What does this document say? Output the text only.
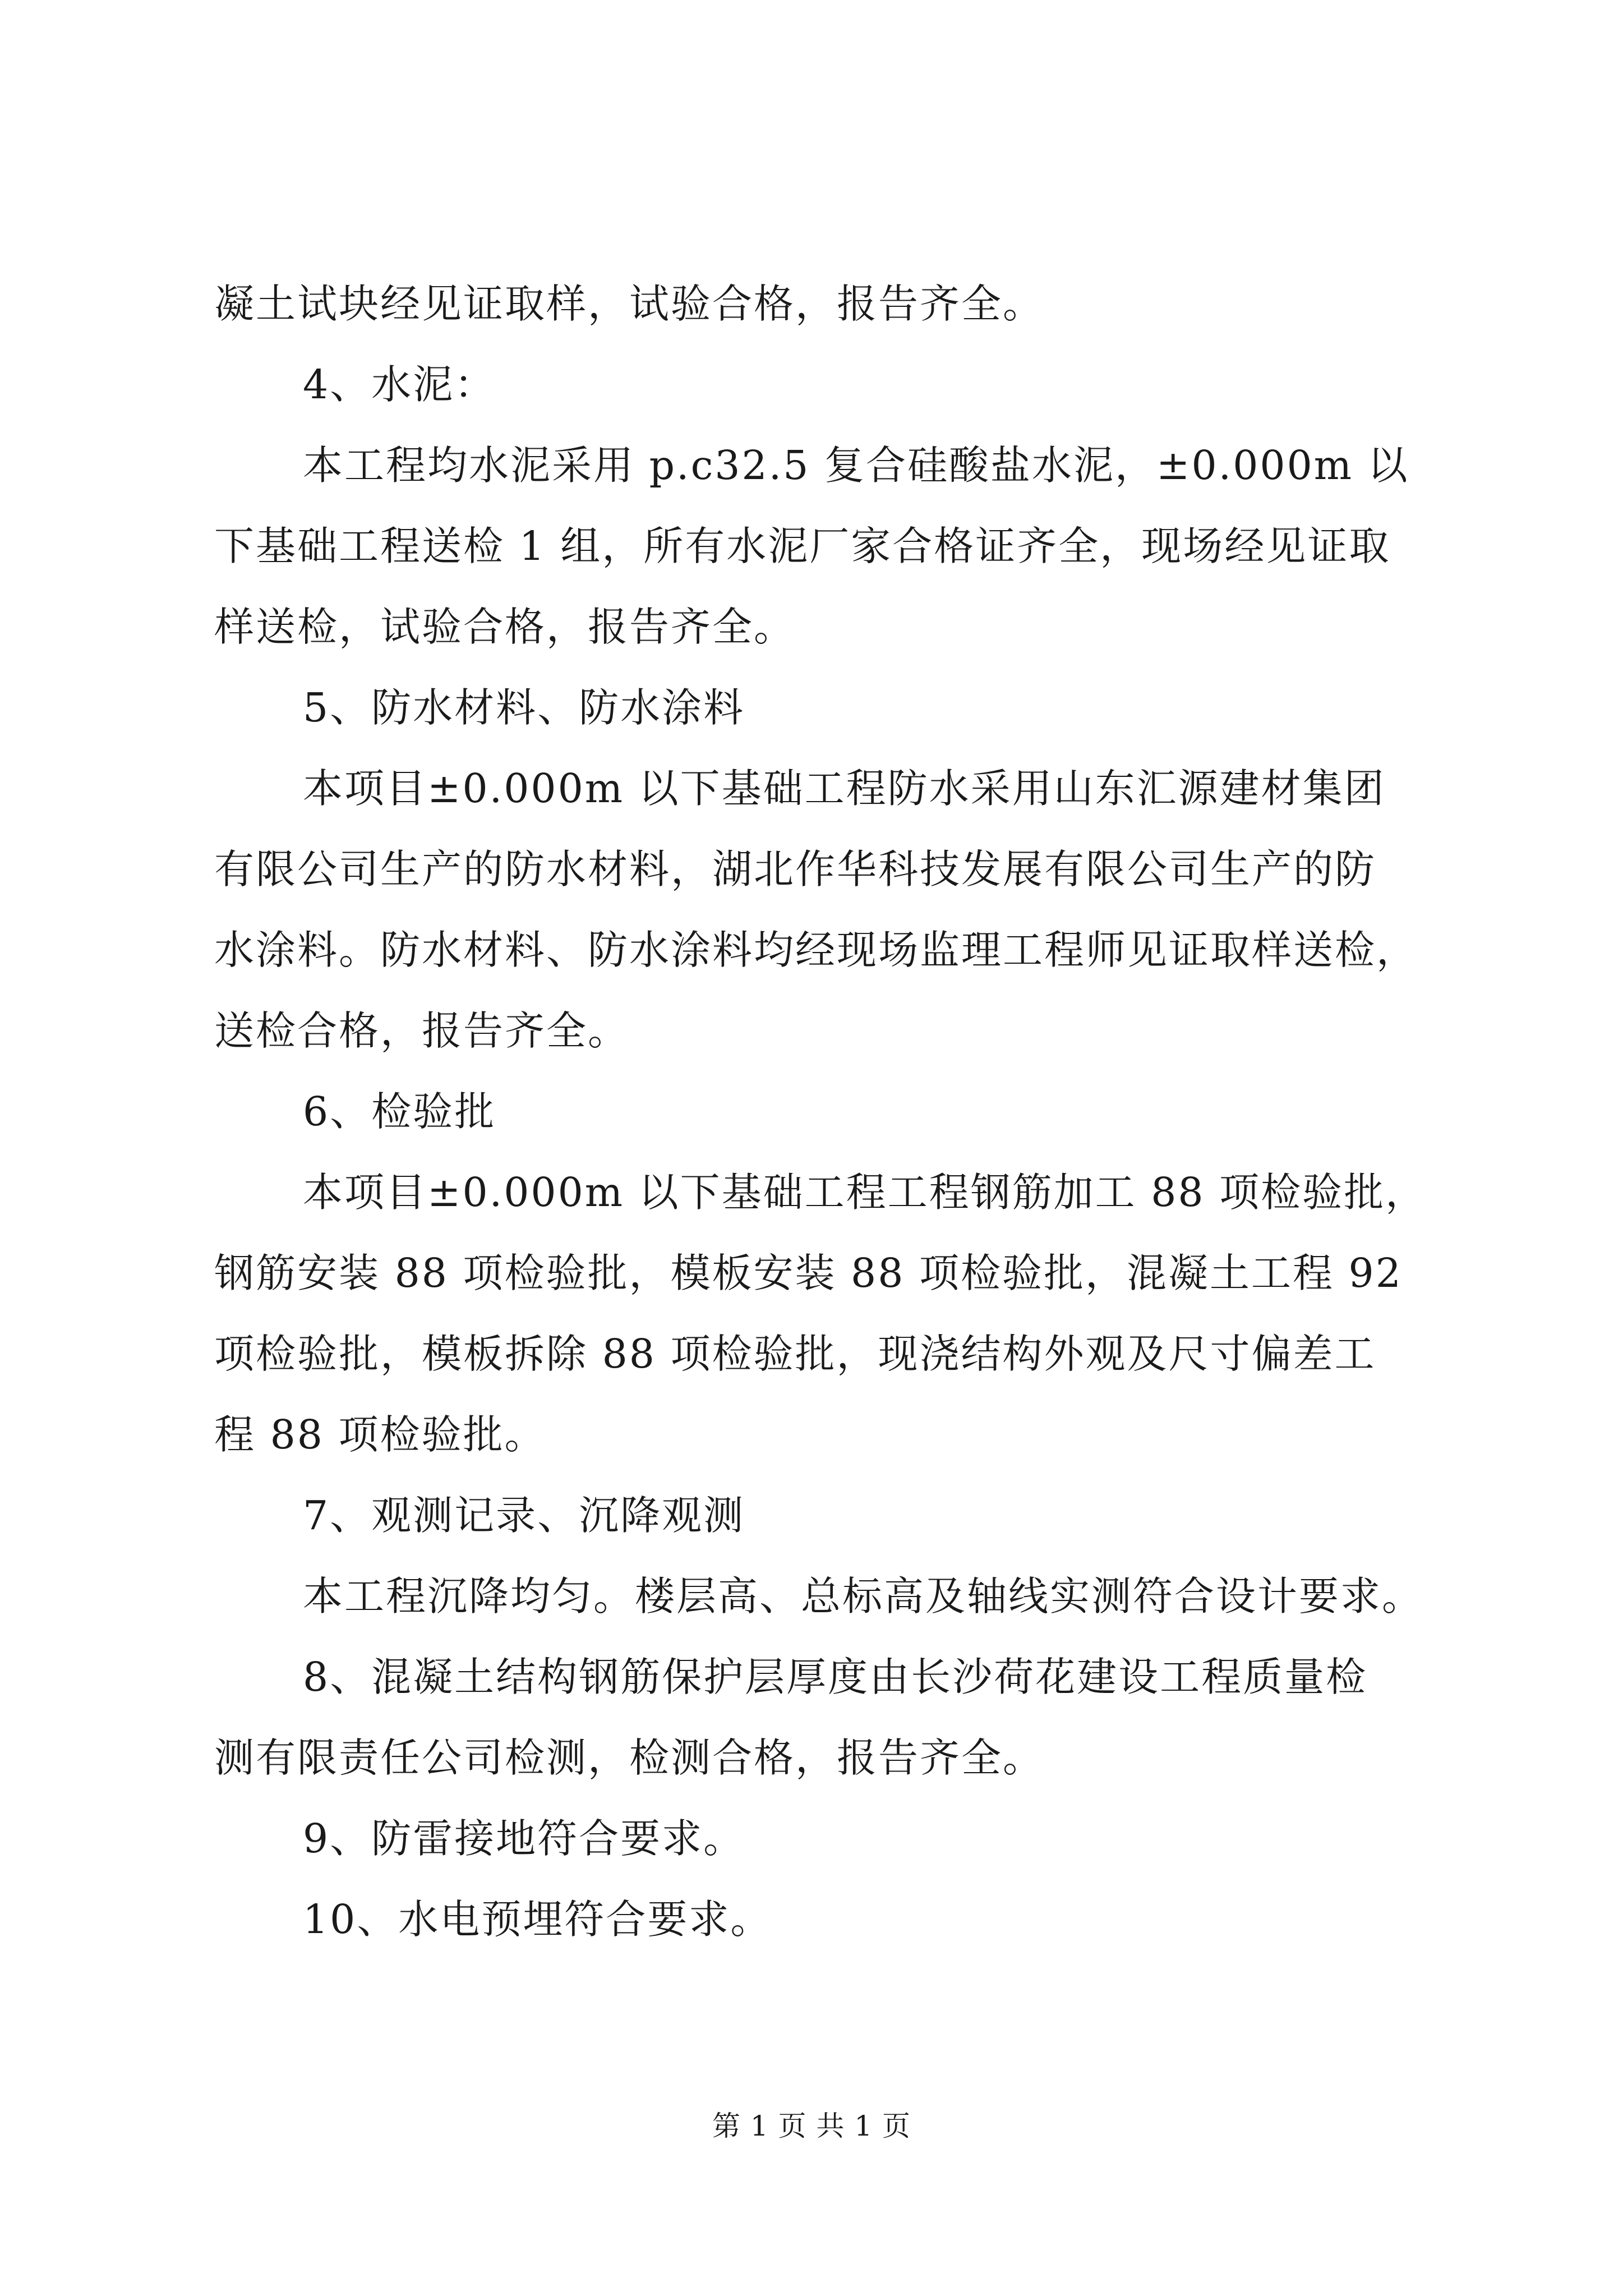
凝土试块经见证取样，试验合格，报告齐全。
4、水泥：
本工程均水泥采用 p.c32.5 复合硅酸盐水泥，±0.000m 以
下基础工程送检 1 组，所有水泥厂家合格证齐全，现场经见证取
样送检，试验合格，报告齐全。
5、防水材料、防水涂料
本项目±0.000m 以下基础工程防水采用山东汇源建材集团
有限公司生产的防水材料，湖北作华科技发展有限公司生产的防
水涂料。防水材料、防水涂料均经现场监理工程师见证取样送检，
送检合格，报告齐全。
6、检验批
本项目±0.000m 以下基础工程工程钢筋加工 88 项检验批，
钢筋安装 88 项检验批，模板安装 88 项检验批，混凝土工程 92
项检验批，模板拆除 88 项检验批，现浇结构外观及尺寸偏差工
程 88 项检验批。
7、观测记录、沉降观测
本工程沉降均匀。楼层高、总标高及轴线实测符合设计要求。
8、混凝土结构钢筋保护层厚度由长沙荷花建设工程质量检
测有限责任公司检测，检测合格，报告齐全。
9、防雷接地符合要求。
10、水电预埋符合要求。
第 1 页 共 1 页
